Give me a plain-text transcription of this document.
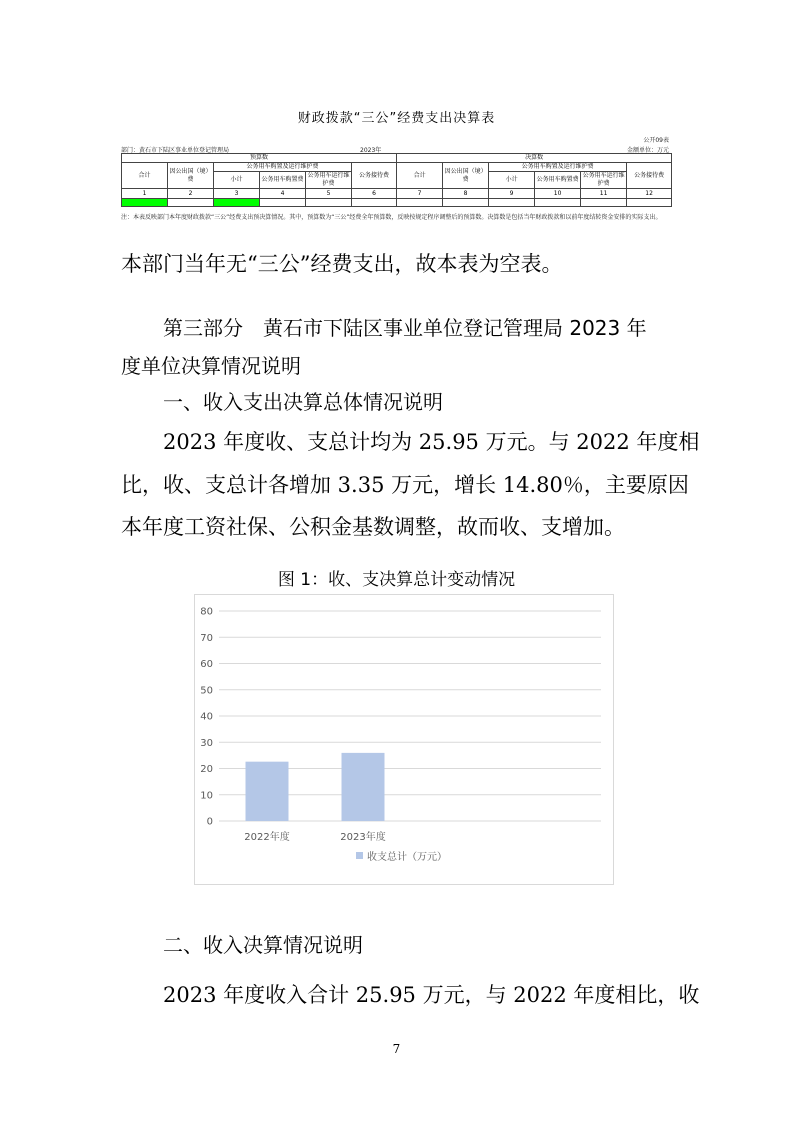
财政拨款“三公”经费支出决算表
公开09表
部门：黄石市下陆区事业单位登记管理局	2023年	金额单位：万元
预算数						决算数					
合计	因公出国（境）费	公务用车购置及运行维护费			公务接待费	合计	因公出国（境）费	公务用车购置及运行维护费			公务接待费
		小计	公务用车购置费	公务用车运行维护费				小计	公务用车购置费	公务用车运行维护费	
1	2	3	4	5	6	7	8	9	10	11	12

注：本表反映部门本年度财政拨款“三公”经费支出预决算情况。其中，预算数为“三公”经费全年预算数，反映按规定程序调整后的预算数。决算数是包括当年财政拨款和以前年度结转资金安排的实际支出。
本部门当年无“三公”经费支出，故本表为空表。
第三部分　黄石市下陆区事业单位登记管理局 2023 年
度单位决算情况说明
一、收入支出决算总体情况说明
2023 年度收、支总计均为 25.95 万元。与 2022 年度相
比，收、支总计各增加 3.35 万元，增长 14.80％，主要原因
本年度工资社保、公积金基数调整，故而收、支增加。
图 1：收、支决算总计变动情况
0
10
20
30
40
50
60
70
80
2022年度	2023年度
收支总计（万元）
二、收入决算情况说明
2023 年度收入合计 25.95 万元，与 2022 年度相比，收
7
